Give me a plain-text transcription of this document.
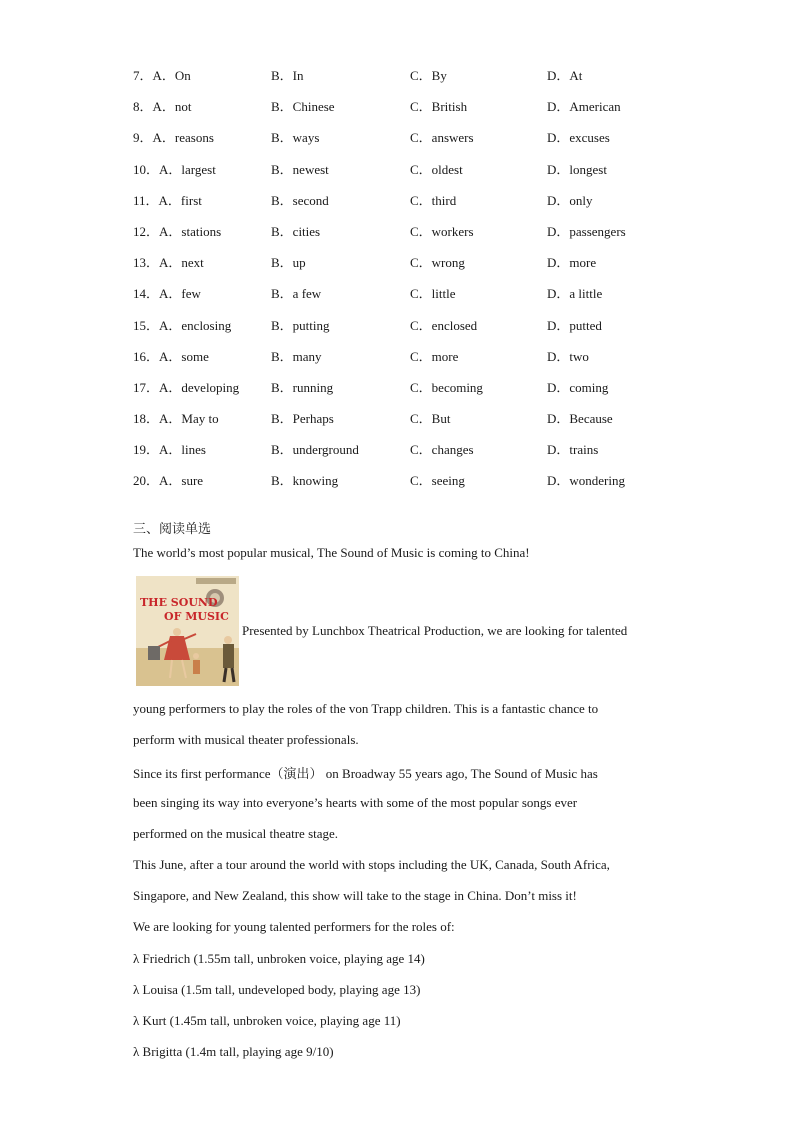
7．A．On	B．In	C．By	D．At
8．A．not	B．Chinese	C．British	D．American
9．A．reasons	B．ways	C．answers	D．excuses
10．A．largest	B．newest	C．oldest	D．longest
11．A．first	B．second	C．third	D．only
12．A．stations	B．cities	C．workers	D．passengers
13．A．next	B．up	C．wrong	D．more
14．A．few	B．a few	C．little	D．a little
15．A．enclosing	B．putting	C．enclosed	D．putted
16．A．some	B．many	C．more	D．two
17．A．developing B．running	C．becoming	D．coming
18．A．May to	B．Perhaps	C．But	D．Because
19．A．lines	B．underground	C．changes	D．trains
20．A．sure	B．knowing	C．seeing	D．wondering
三、阅读单选
The world’s most popular musical, The Sound of Music is coming to China!
THE SOUND
OF MUSIC
Presented by Lunchbox Theatrical Production, we are looking for talented
young performers to play the roles of the von Trapp children. This is a fantastic chance to
perform with musical theater professionals.
Since its first performance（演出） on Broadway 55 years ago, The Sound of Music has
been singing its way into everyone’s hearts with some of the most popular songs ever
performed on the musical theatre stage.
This June, after a tour around the world with stops including the UK, Canada, South Africa,
Singapore, and New Zealand, this show will take to the stage in China. Don’t miss it!
We are looking for young talented performers for the roles of:
λ Friedrich (1.55m tall, unbroken voice, playing age 14)
λ Louisa (1.5m tall, undeveloped body, playing age 13)
λ Kurt (1.45m tall, unbroken voice, playing age 11)
λ Brigitta (1.4m tall, playing age 9/10)
